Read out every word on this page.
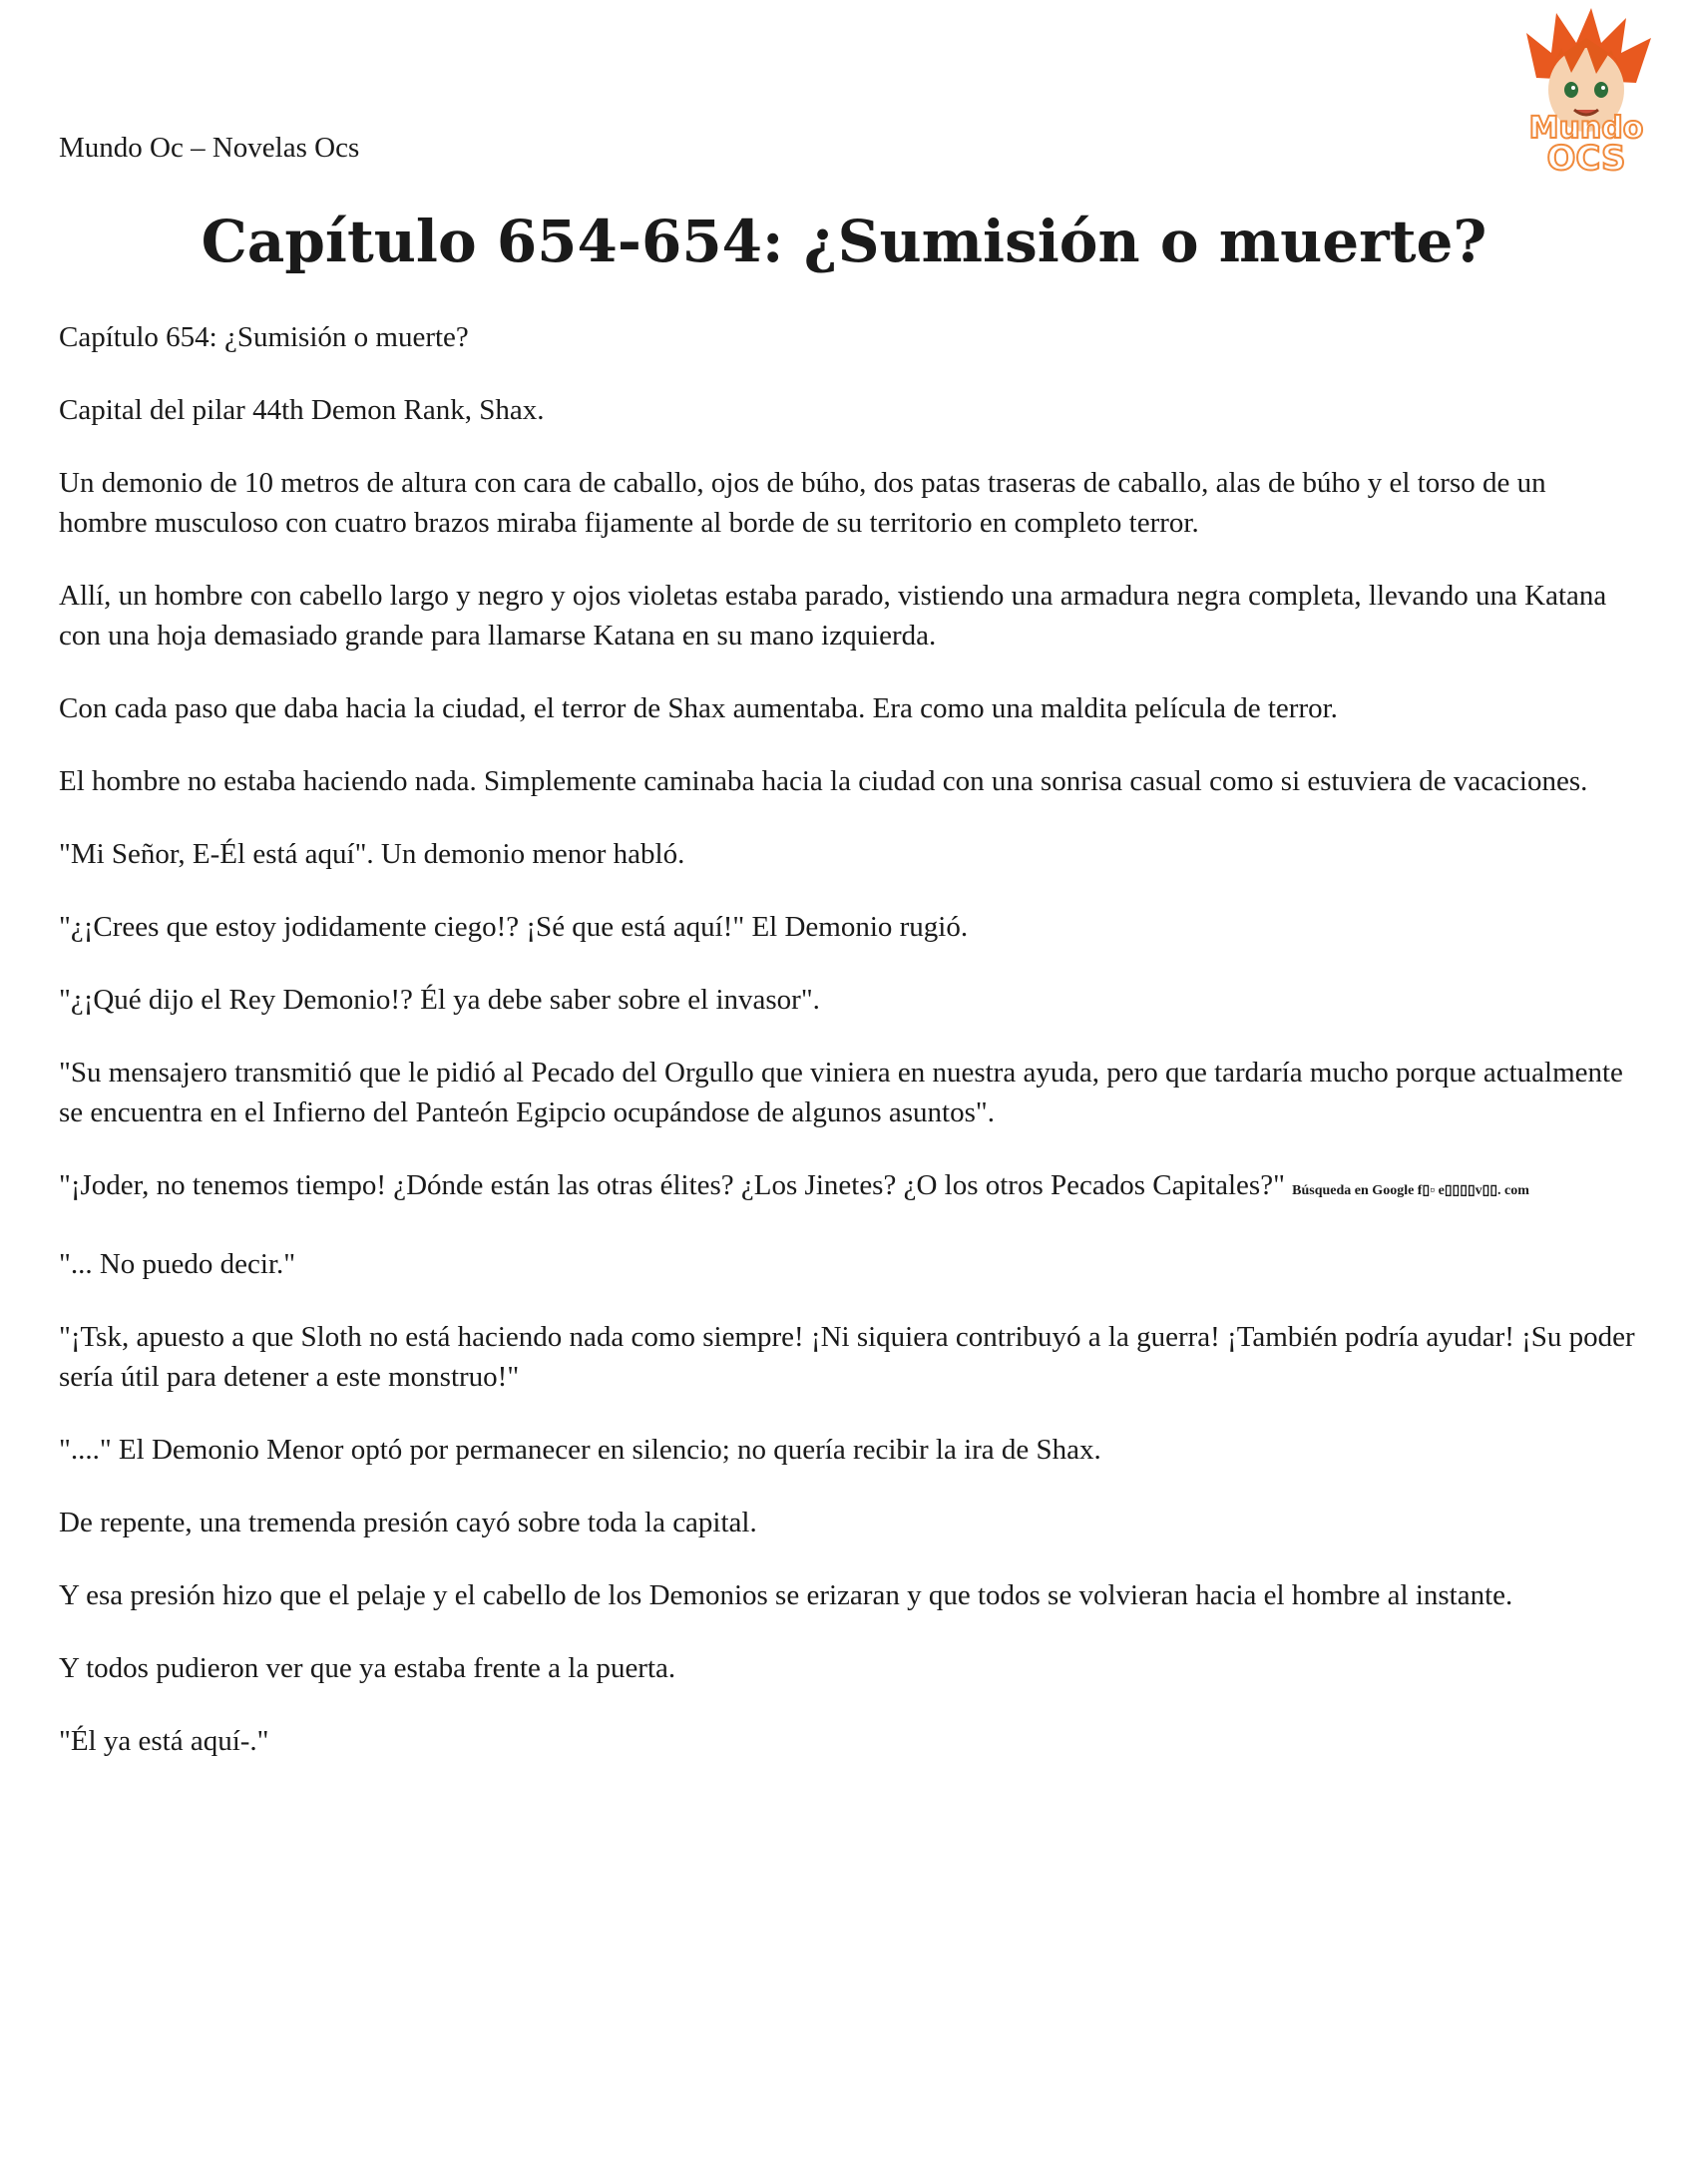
Mundo Oc – Novelas Ocs
Mundo
OCS
Capítulo 654-654: ¿Sumisión o muerte?

Capítulo 654: ¿Sumisión o muerte?

Capital del pilar 44th Demon Rank, Shax.

Un demonio de 10 metros de altura con cara de caballo, ojos de búho, dos patas traseras de caballo, alas de búho y el torso de un hombre musculoso con cuatro brazos miraba fijamente al borde de su territorio en completo terror.

Allí, un hombre con cabello largo y negro y ojos violetas estaba parado, vistiendo una armadura negra completa, llevando una Katana con una hoja demasiado grande para llamarse Katana en su mano izquierda.

Con cada paso que daba hacia la ciudad, el terror de Shax aumentaba. Era como una maldita película de terror.

El hombre no estaba haciendo nada. Simplemente caminaba hacia la ciudad con una sonrisa casual como si estuviera de vacaciones.

"Mi Señor, E-Él está aquí". Un demonio menor habló.

"¿¡Crees que estoy jodidamente ciego!? ¡Sé que está aquí!" El Demonio rugió.

"¿¡Qué dijo el Rey Demonio!? Él ya debe saber sobre el invasor".

"Su mensajero transmitió que le pidió al Pecado del Orgullo que viniera en nuestra ayuda, pero que tardaría mucho porque actualmente se encuentra en el Infierno del Panteón Egipcio ocupándose de algunos asuntos".

"¡Joder, no tenemos tiempo! ¿Dónde están las otras élites? ¿Los Jinetes? ¿O los otros Pecados Capitales?" Búsqueda en Google f▯▫ e▯▯▯▯v▯▯. com

"... No puedo decir."

"¡Tsk, apuesto a que Sloth no está haciendo nada como siempre! ¡Ni siquiera contribuyó a la guerra! ¡También podría ayudar! ¡Su poder sería útil para detener a este monstruo!"

"...." El Demonio Menor optó por permanecer en silencio; no quería recibir la ira de Shax.

De repente, una tremenda presión cayó sobre toda la capital.

Y esa presión hizo que el pelaje y el cabello de los Demonios se erizaran y que todos se volvieran hacia el hombre al instante.

Y todos pudieron ver que ya estaba frente a la puerta.

"Él ya está aquí-."
